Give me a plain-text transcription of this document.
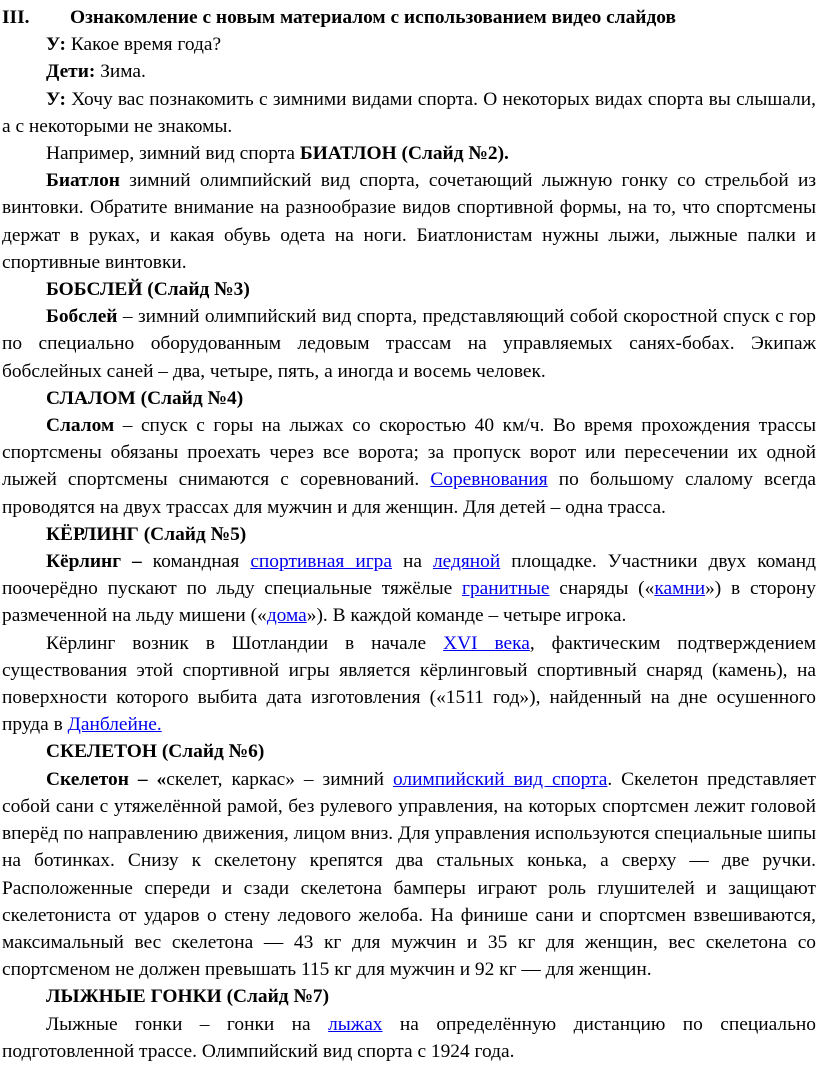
III.	Ознакомление с новым материалом с использованием видео слайдов

У: Какое время года?

Дети: Зима.

У: Хочу вас познакомить с зимними видами спорта. О некоторых видах спорта вы слышали, а с некоторыми не знакомы.

Например, зимний вид спорта БИАТЛОН (Слайд №2).

Биатлон зимний олимпийский вид спорта, сочетающий лыжную гонку со стрельбой из винтовки. Обратите внимание на разнообразие видов спортивной формы, на то, что спортсмены держат в руках, и какая обувь одета на ноги. Биатлонистам нужны лыжи, лыжные палки и спортивные винтовки.

БОБСЛЕЙ (Слайд №3)

Бобслей – зимний олимпийский вид спорта, представляющий собой скоростной спуск с гор по специально оборудованным ледовым трассам на управляемых санях-бобах. Экипаж бобслейных саней – два, четыре, пять, а иногда и восемь человек.

СЛАЛОМ (Слайд №4)

Слалом – спуск с горы на лыжах со скоростью 40 км/ч. Во время прохождения трассы спортсмены обязаны проехать через все ворота; за пропуск ворот или пересечении их одной лыжей спортсмены снимаются с соревнований. Соревнования по большому слалому всегда проводятся на двух трассах для мужчин и для женщин. Для детей – одна трасса.

КЁРЛИНГ (Слайд №5)

Кёрлинг – командная спортивная игра на ледяной площадке. Участники двух команд поочерёдно пускают по льду специальные тяжёлые гранитные снаряды («камни») в сторону размеченной на льду мишени («дома»). В каждой команде – четыре игрока.

Кёрлинг возник в Шотландии в начале XVI века, фактическим подтверждением существования этой спортивной игры является кёрлинговый спортивный снаряд (камень), на поверхности которого выбита дата изготовления («1511 год»), найденный на дне осушенного пруда в Данблейне.

СКЕЛЕТОН (Слайд №6)

Скелетон – «скелет, каркас» – зимний олимпийский вид спорта. Скелетон представляет собой сани с утяжелённой рамой, без рулевого управления, на которых спортсмен лежит головой вперёд по направлению движения, лицом вниз. Для управления используются специальные шипы на ботинках. Снизу к скелетону крепятся два стальных конька, а сверху — две ручки. Расположенные спереди и сзади скелетона бамперы играют роль глушителей и защищают скелетониста от ударов о стену ледового желоба. На финише сани и спортсмен взвешиваются, максимальный вес скелетона — 43 кг для мужчин и 35 кг для женщин, вес скелетона со спортсменом не должен превышать 115 кг для мужчин и 92 кг — для женщин.

ЛЫЖНЫЕ ГОНКИ (Слайд №7)

Лыжные гонки – гонки на лыжах на определённую дистанцию по специально подготовленной трассе. Олимпийский вид спорта с 1924 года.
